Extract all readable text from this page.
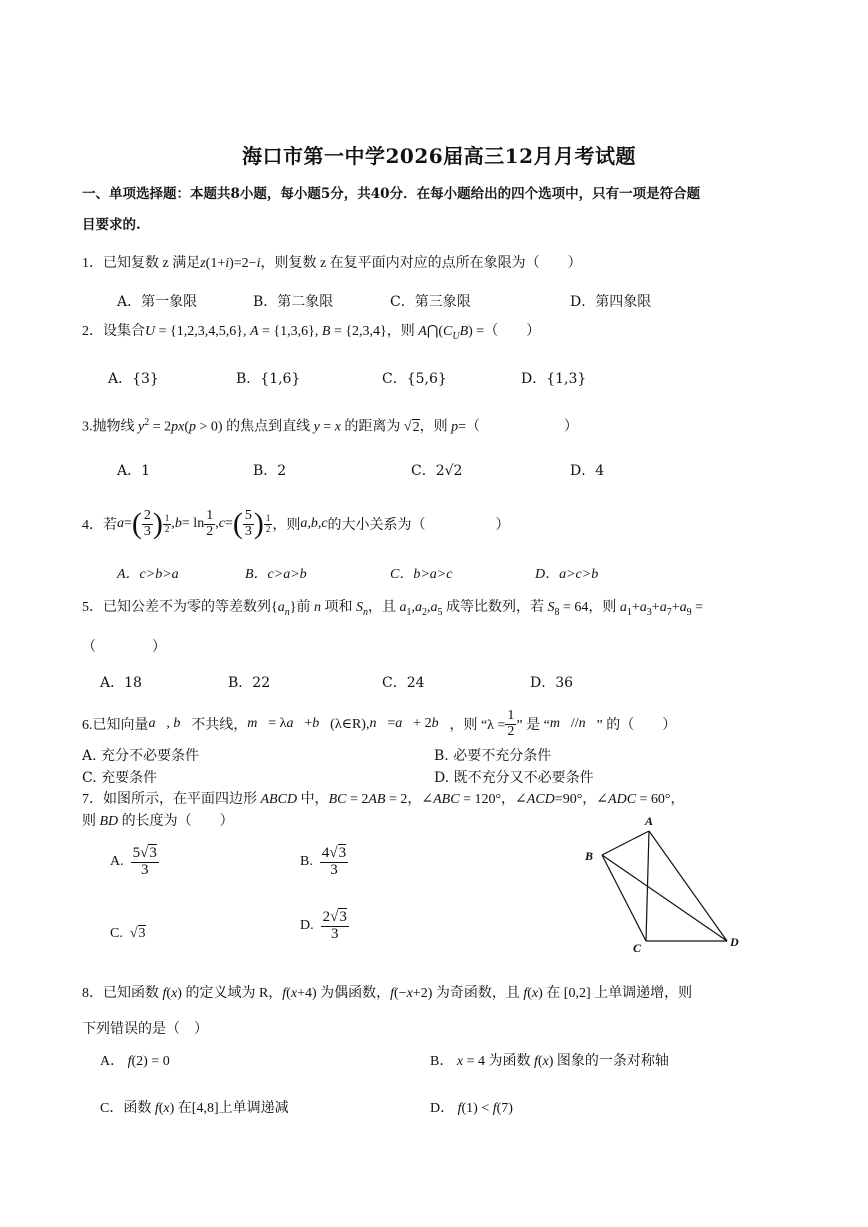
海口市第一中学2026届高三12月月考试题
一、单项选择题：本题共8小题，每小题5分，共40分．在每小题给出的四个选项中，只有一项是符合题
目要求的.
1．已知复数 z 满足z(1+i)=2−i，则复数 z 在复平面内对应的点所在象限为（　　）
A．第一象限	B．第二象限	C．第三象限	D．第四象限
2．设集合U = {1,2,3,4,5,6}, A = {1,3,6}, B = {2,3,4}，则 $A⋂(C_UB)$ =（　　）
A．{3}	B．{1,6}	C．{5,6}	D．{1,3}
3.抛物线 $y^2 = 2px(p > 0)$ 的焦点到直线 y = x 的距离为 √2，则 p=（　　　　　　）
A．1	B．2	C．2√2	D．4
4．若 a = ( $\frac{2}{3}$ ) $\frac{1}{2}$ , $b = \ln \frac{1}{2}$ , c = ( $\frac{5}{3}$ ) $\frac{1}{2}$ ，则 a,b,c 的大小关系为（　　　　　）
A．c>b>a	B．c>a>b	C．b>a>c	D．a>c>b
5．已知公差不为零的等差数列$\{a_n\}$前 n 项和 $S_n$，且 $a_1,a_2,a_5$ 成等比数列，若 $S_8 = 64$，则 $a_1+a_3+a_7+a_9$ =
（　　　　）
A．18	B．22	C．24	D．36
6.已知向量 a⃗, b⃗ 不共线， m⃗ = λ a⃗ + b⃗ (λ∈R), n⃗ = a⃗ + 2 b⃗ ，则 “$\lambda = \frac{1}{2}$ ” 是 “ m⃗ // n⃗ ” 的（　　）
A. 充分不必要条件	B. 必要不充分条件
C. 充要条件	D. 既不充分又不必要条件
7．如图所示，在平面四边形 ABCD 中，BC = 2AB = 2，∠ABC = 120°，∠ACD=90°，∠ADC = 60°，
则 BD 的长度为（　　）
A. $\frac{5√3}{3}$	B. $\frac{4√3}{3}$
C.  √3
D. $\frac{2√3}{3}$
A
B
C	D
8．已知函数 f(x) 的定义域为 R，f(x+4) 为偶函数，f(−x+2) 为奇函数，且 f(x) 在 [0,2] 上单调递增，则
下列错误的是（　）
A． f(2) = 0	B． x = 4 为函数 f(x) 图象的一条对称轴
C．函数 f(x) 在[4,8]上单调递减	D． f(1) < f(7)
